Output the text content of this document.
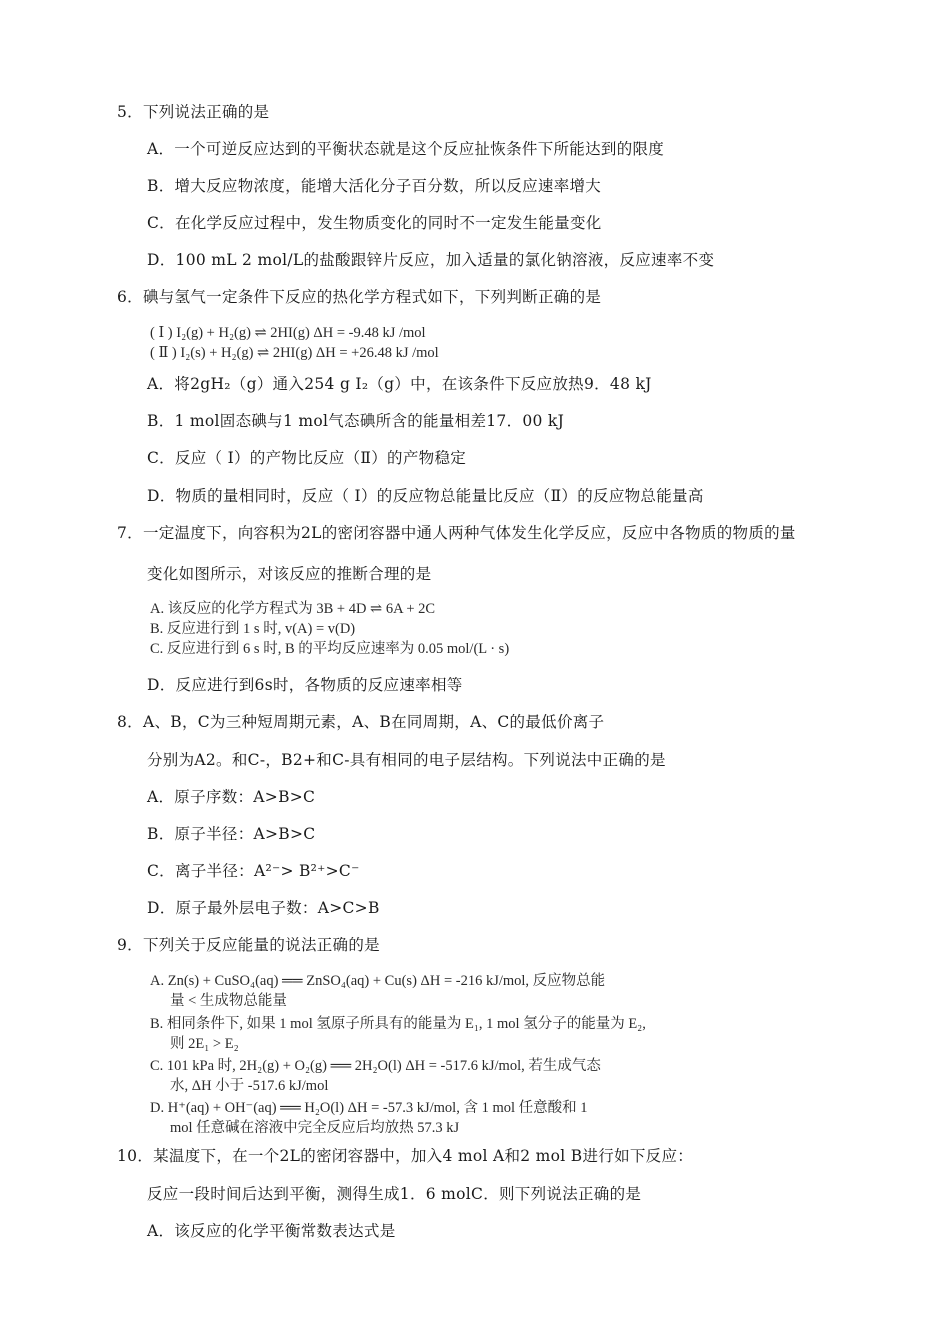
5．下列说法正确的是
A．一个可逆反应达到的平衡状态就是这个反应扯恢条件下所能达到的限度
B．增大反应物浓度，能增大活化分子百分数，所以反应速率增大
C．在化学反应过程中，发生物质变化的同时不一定发生能量变化
D．100 mL 2 mol/L的盐酸跟锌片反应，加入适量的氯化钠溶液，反应速率不变
6．碘与氢气一定条件下反应的热化学方程式如下，下列判断正确的是
( Ⅰ ) I₂(g) + H₂(g) ⇌ 2HI(g) ΔH = -9.48 kJ /mol
( Ⅱ ) I₂(s) + H₂(g) ⇌ 2HI(g) ΔH = +26.48 kJ /mol
A．将2gH₂（g）通入254 g I₂（g）中，在该条件下反应放热9．48 kJ
B．1 mol固态碘与1 mol气态碘所含的能量相差17．00 kJ
C．反应（ Ⅰ）的产物比反应（Ⅱ）的产物稳定
D．物质的量相同时，反应（ Ⅰ）的反应物总能量比反应（Ⅱ）的反应物总能量高
7．一定温度下，向容积为2L的密闭容器中通人两种气体发生化学反应，反应中各物质的物质的量
变化如图所示，对该反应的推断合理的是
A. 该反应的化学方程式为 3B + 4D ⇌ 6A + 2C
B. 反应进行到 1 s 时, v(A) = v(D)
C. 反应进行到 6 s 时, B 的平均反应速率为 0.05 mol/(L · s)
D．反应进行到6s时，各物质的反应速率相等
8．A、B，C为三种短周期元素，A、B在同周期，A、C的最低价离子
分别为A2。和C-，B2+和C-具有相同的电子层结构。下列说法中正确的是
A．原子序数：A>B>C
B．原子半径：A>B>C
C．离子半径：A²⁻> B²⁺>C⁻
D．原子最外层电子数：A>C>B
9．下列关于反应能量的说法正确的是
A. Zn(s) + CuSO₄(aq) ══ ZnSO₄(aq) + Cu(s) ΔH = -216 kJ/mol, 反应物总能
量 < 生成物总能量
B. 相同条件下, 如果 1 mol 氢原子所具有的能量为 E₁, 1 mol 氢分子的能量为 E₂,
则 2E₁ > E₂
C. 101 kPa 时, 2H₂(g) + O₂(g) ══ 2H₂O(l) ΔH = -517.6 kJ/mol, 若生成气态
水, ΔH 小于 -517.6 kJ/mol
D. H⁺(aq) + OH⁻(aq) ══ H₂O(l) ΔH = -57.3 kJ/mol, 含 1 mol 任意酸和 1
mol 任意碱在溶液中完全反应后均放热 57.3 kJ
10．某温度下，在一个2L的密闭容器中，加入4 mol A和2 mol B进行如下反应：
反应一段时间后达到平衡，测得生成1．6 molC．则下列说法正确的是
A．该反应的化学平衡常数表达式是
